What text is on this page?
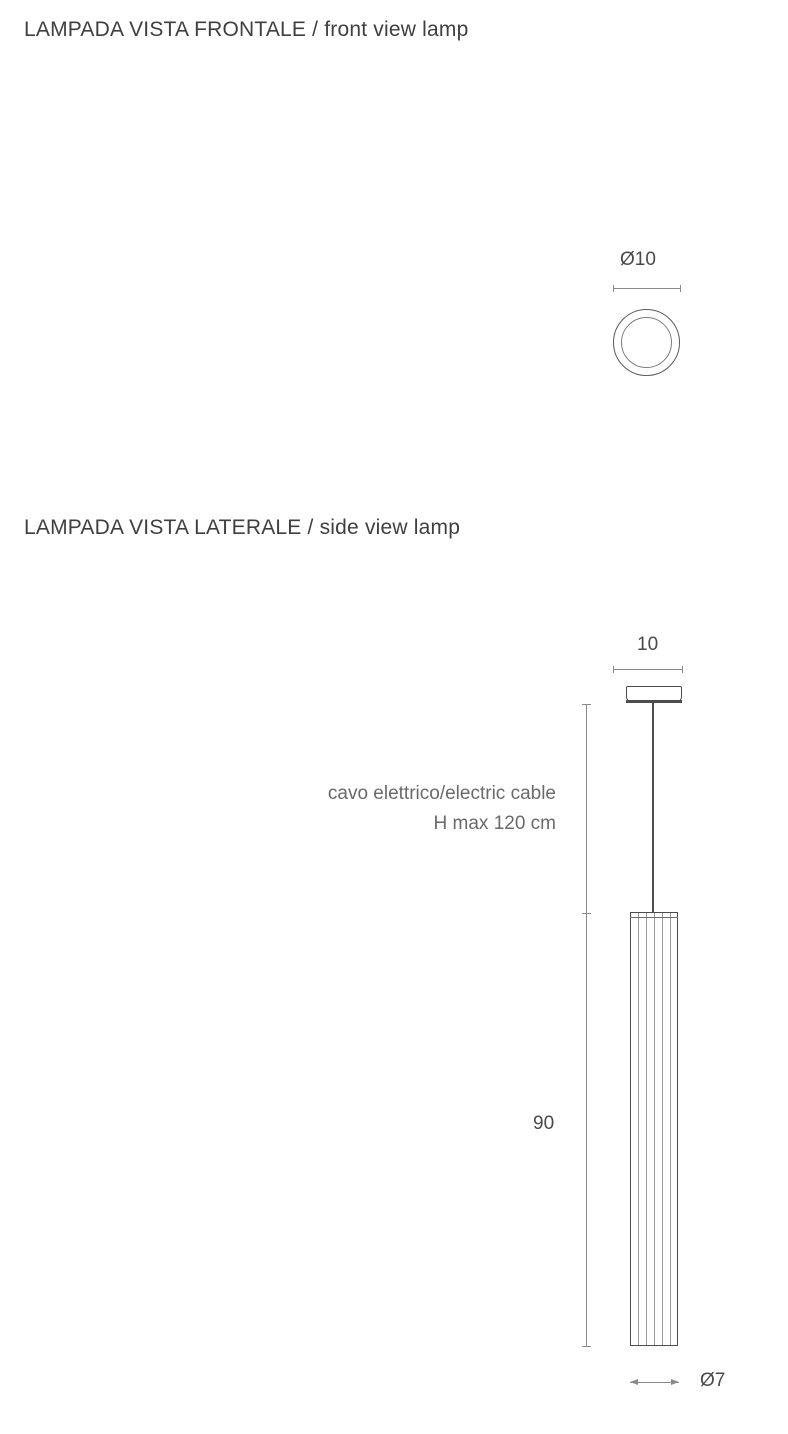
LAMPADA VISTA FRONTALE / front view lamp
Ø10
LAMPADA VISTA LATERALE / side view lamp
10
90
cavo elettrico/electric cable
H max 120 cm
Ø7
